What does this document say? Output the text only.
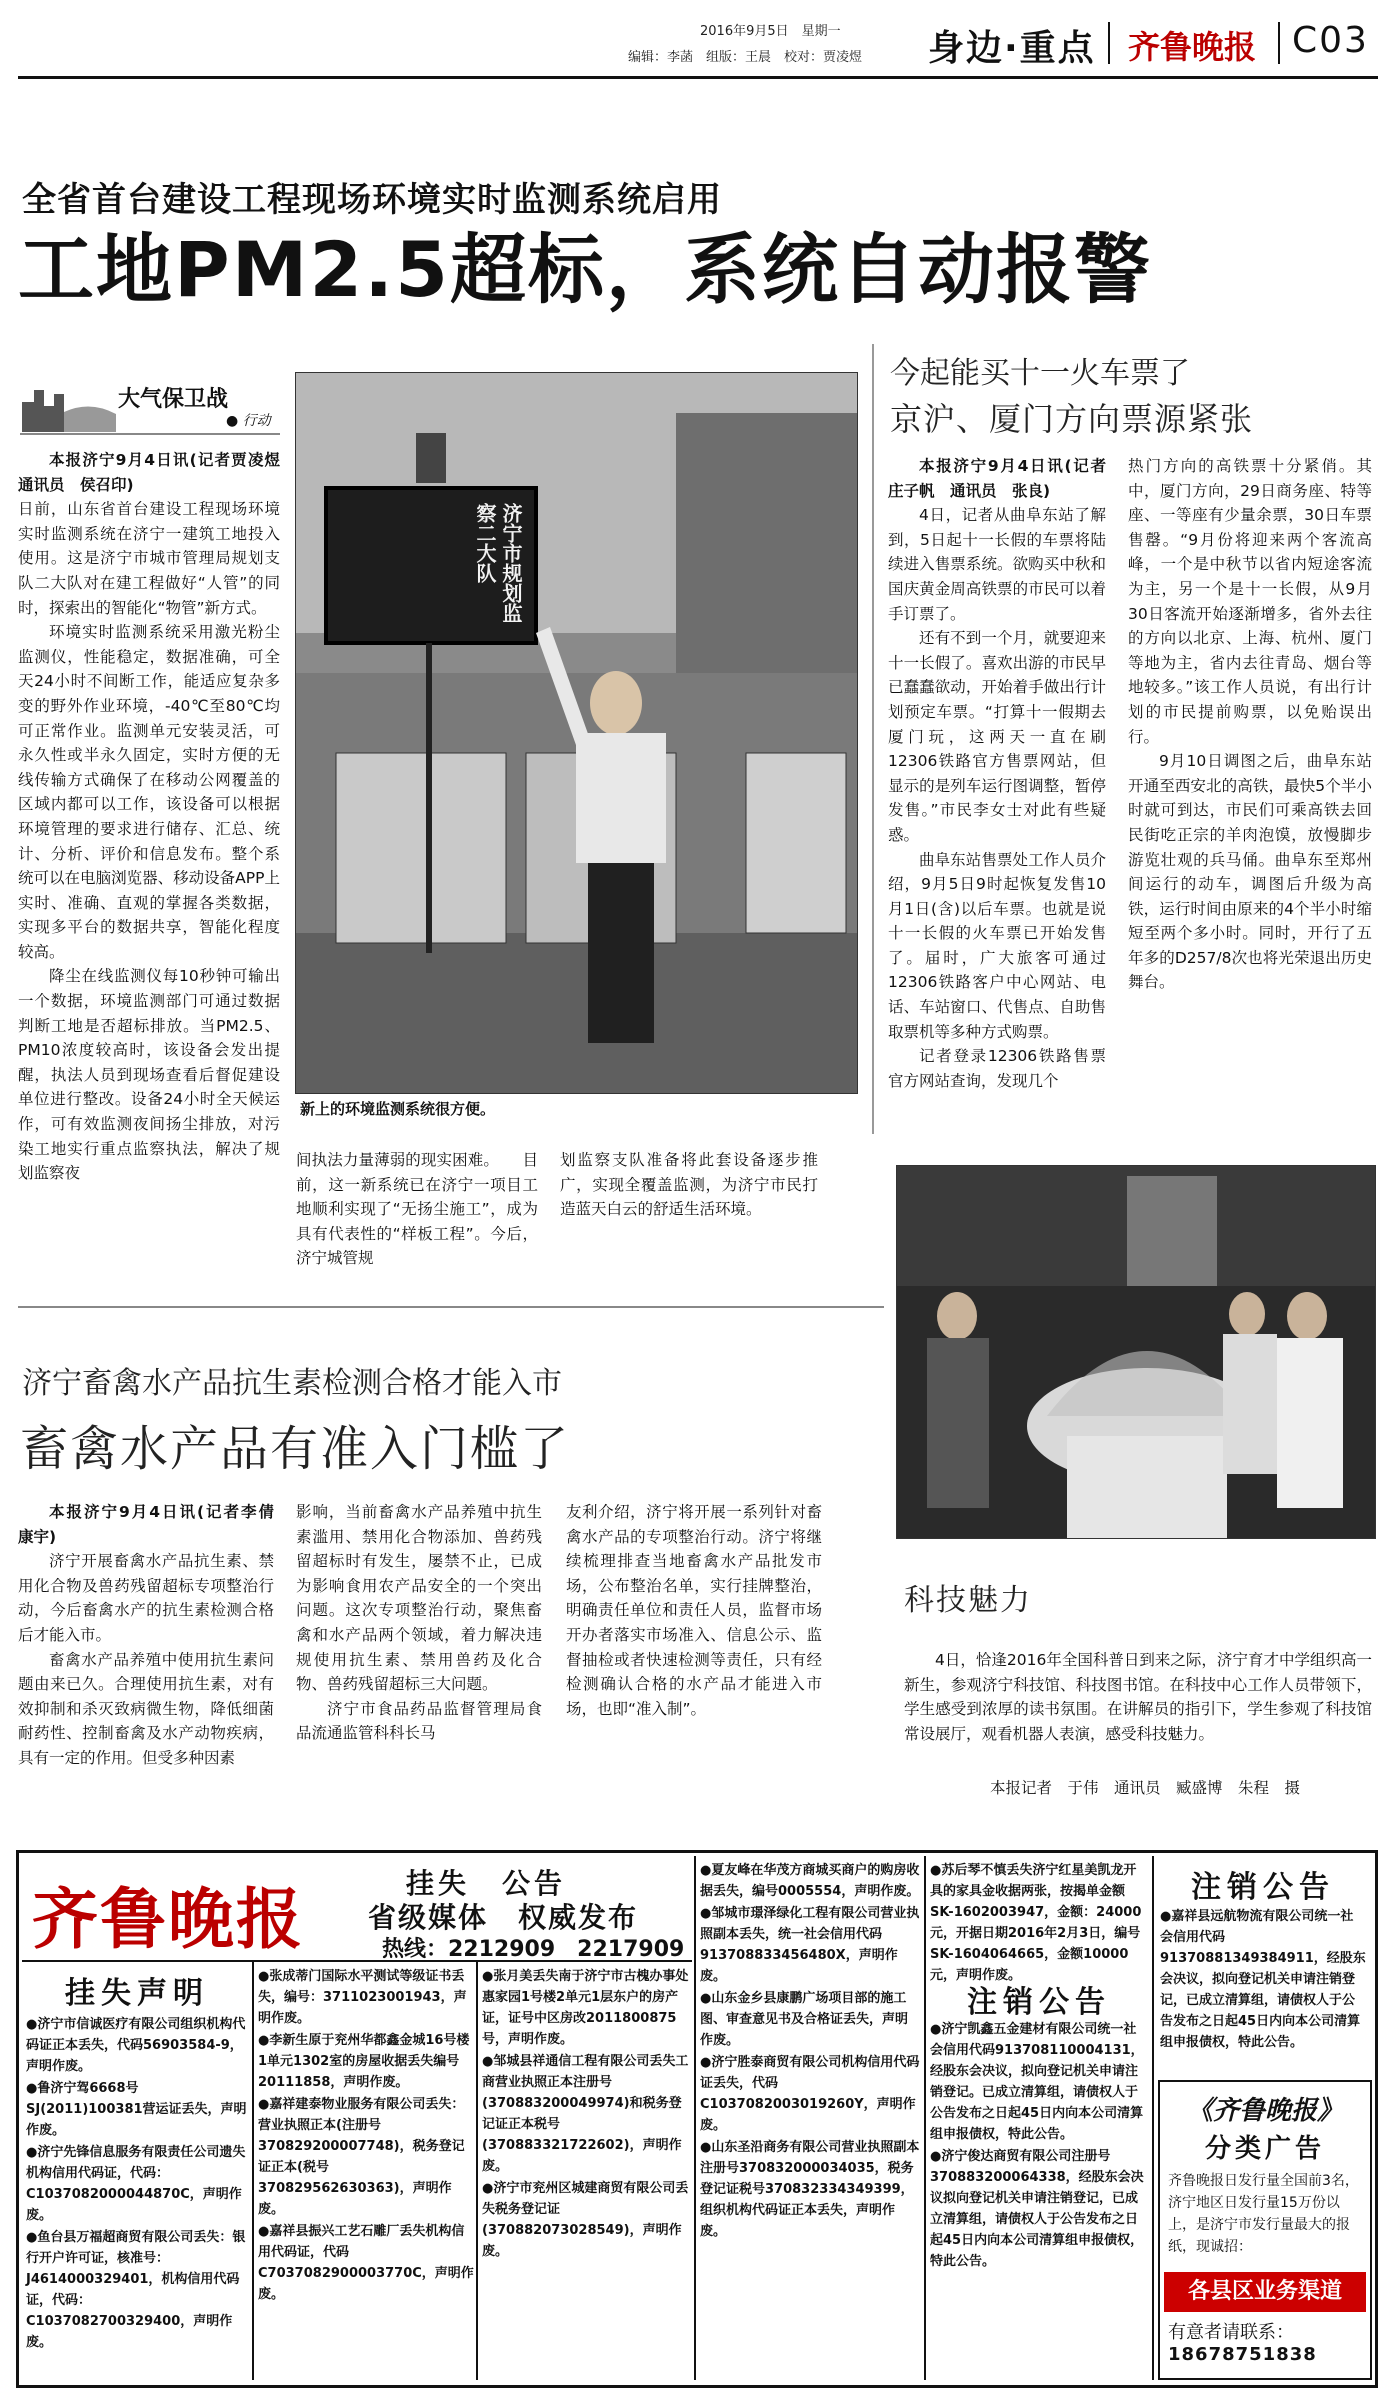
2016年9月5日　 星期一
编辑：李菡　组版：王晨　校对：贾凌煜 身边·重点 齐鲁晚报 C03
全省首台建设工程现场环境实时监测系统启用
工地PM2.5超标，系统自动报警
大气保卫战
● 行动

本报济宁9月4日讯(记者贾凌煜　通讯员　侯召印)

日前，山东省首台建设工程现场环境实时监测系统在济宁一建筑工地投入使用。这是济宁市城市管理局规划支队二大队对在建工程做好“人管”的同时，探索出的智能化“物管”新方式。

环境实时监测系统采用激光粉尘监测仪，性能稳定，数据准确，可全天24小时不间断工作，能适应复杂多变的野外作业环境，-40℃至80℃均可正常作业。监测单元安装灵活，可永久性或半永久固定，实时方便的无线传输方式确保了在移动公网覆盖的区域内都可以工作，该设备可以根据环境管理的要求进行储存、汇总、统计、分析、评价和信息发布。整个系统可以在电脑浏览器、移动设备APP上实时、准确、直观的掌握各类数据，实现多平台的数据共享，智能化程度较高。

降尘在线监测仪每10秒钟可输出一个数据，环境监测部门可通过数据判断工地是否超标排放。当PM2.5、PM10浓度较高时，该设备会发出提醒，执法人员到现场查看后督促建设单位进行整改。设备24小时全天候运作，可有效监测夜间扬尘排放，对污染工地实行重点监察执法，解决了规划监察夜

济宁市规划监察二大队
新上的环境监测系统很方便。

间执法力量薄弱的现实困难。　　目前，这一新系统已在济宁一项目工地顺利实现了“无扬尘施工”，成为具有代表性的“样板工程”。今后，济宁城管规

划监察支队准备将此套设备逐步推广，实现全覆盖监测，为济宁市民打造蓝天白云的舒适生活环境。

今起能买十一火车票了
京沪、厦门方向票源紧张

本报济宁9月4日讯(记者　庄子帆　通讯员　张良)

4日，记者从曲阜东站了解到，5日起十一长假的车票将陆续进入售票系统。欲购买中秋和国庆黄金周高铁票的市民可以着手订票了。

还有不到一个月，就要迎来十一长假了。喜欢出游的市民早已蠢蠢欲动，开始着手做出行计划预定车票。“打算十一假期去厦门玩，这两天一直在刷12306铁路官方售票网站，但显示的是列车运行图调整，暂停发售。”市民李女士对此有些疑惑。

曲阜东站售票处工作人员介绍，9月5日9时起恢复发售10月1日(含)以后车票。也就是说十一长假的火车票已开始发售了。届时，广大旅客可通过12306铁路客户中心网站、电话、车站窗口、代售点、自助售取票机等多种方式购票。

记者登录12306铁路售票官方网站查询，发现几个

热门方向的高铁票十分紧俏。其中，厦门方向，29日商务座、特等座、一等座有少量余票，30日车票售罄。“9月份将迎来两个客流高峰，一个是中秋节以省内短途客流为主，另一个是十一长假，从9月30日客流开始逐渐增多，省外去往的方向以北京、上海、杭州、厦门等地为主，省内去往青岛、烟台等地较多。”该工作人员说，有出行计划的市民提前购票，以免贻误出行。

9月10日调图之后，曲阜东站开通至西安北的高铁，最快5个半小时就可到达，市民们可乘高铁去回民街吃正宗的羊肉泡馍，放慢脚步游览壮观的兵马俑。曲阜东至郑州间运行的动车，调图后升级为高铁，运行时间由原来的4个半小时缩短至两个多小时。同时，开行了五年多的D257/8次也将光荣退出历史舞台。

科技魅力

4日，恰逢2016年全国科普日到来之际，济宁育才中学组织高一新生，参观济宁科技馆、科技图书馆。在科技中心工作人员带领下，学生感受到浓厚的读书氛围。在讲解员的指引下，学生参观了科技馆常设展厅，观看机器人表演，感受科技魅力。

本报记者　于伟　通讯员　臧盛博　朱程　摄
济宁畜禽水产品抗生素检测合格才能入市
畜禽水产品有准入门槛了

本报济宁9月4日讯(记者李倩　康宇)

济宁开展畜禽水产品抗生素、禁用化合物及兽药残留超标专项整治行动，今后畜禽水产的抗生素检测合格后才能入市。

畜禽水产品养殖中使用抗生素问题由来已久。合理使用抗生素，对有效抑制和杀灭致病微生物，降低细菌耐药性、控制畜禽及水产动物疾病，具有一定的作用。但受多种因素

影响，当前畜禽水产品养殖中抗生素滥用、禁用化合物添加、兽药残留超标时有发生，屡禁不止，已成为影响食用农产品安全的一个突出问题。这次专项整治行动，聚焦畜禽和水产品两个领域，着力解决违规使用抗生素、禁用兽药及化合物、兽药残留超标三大问题。

济宁市食品药品监督管理局食品流通监管科科长马

友利介绍，济宁将开展一系列针对畜禽水产品的专项整治行动。济宁将继续梳理排查当地畜禽水产品批发市场，公布整治名单，实行挂牌整治，明确责任单位和责任人员，监督市场开办者落实市场准入、信息公示、监督抽检或者快速检测等责任，只有经检测确认合格的水产品才能进入市场，也即“准入制”。

齐鲁晚报	挂失　公告
省级媒体　权威发布
热线：2212909　2217909
挂失声明

●济宁市信诚医疗有限公司组织机构代码证正本丢失，代码56903584-9，声明作废。

●鲁济宁驾6668号SJ(2011)100381营运证丢失，声明作废。

●济宁先锋信息服务有限责任公司遗失机构信用代码证，代码：C1037082000044870C，声明作废。

●鱼台县万福超商贸有限公司丢失：银行开户许可证，核准号：J4614000329401，机构信用代码证，代码：C1037082700329400，声明作废。

●张成蒂门国际水平测试等级证书丢失，编号：3711023001943，声明作废。

●李新生原于兖州华都鑫金城16号楼1单元1302室的房屋收据丢失编号20111858，声明作废。

●嘉祥建泰物业服务有限公司丢失：营业执照正本(注册号370829200007748)，税务登记证正本(税号370829562630363)，声明作废。

●嘉祥县振兴工艺石雕厂丢失机构信用代码证，代码C7037082900003770C，声明作废。

●张月美丢失南于济宁市古槐办事处惠家园1号楼2单元1层东户的房产证，证号中区房改2011800875号，声明作废。

●邹城县祥通信工程有限公司丢失工商营业执照正本注册号(370883200049974)和税务登记证正本税号(370883321722602)，声明作废。

●济宁市兖州区城建商贸有限公司丢失税务登记证(370882073028549)，声明作废。

●夏友峰在华茂方商城买商户的购房收据丢失，编号0005554，声明作废。

●邹城市璟泽绿化工程有限公司营业执照副本丢失，统一社会信用代码913708833456480X，声明作废。

●山东金乡县康鹏广场项目部的施工图、审查意见书及合格证丢失，声明作废。

●济宁胜泰商贸有限公司机构信用代码证丢失，代码C1037082003019260Y，声明作废。

●山东圣沿商务有限公司营业执照副本注册号370832000034035，税务登记证税号370832334349399，组织机构代码证正本丢失，声明作废。

●苏后琴不慎丢失济宁红星美凯龙开具的家具金收据两张，按揭单金额SK-1602003947，金额：24000元，开据日期2016年2月3日，编号SK-1604064665，金额10000元，声明作废。

注销公告

●济宁凯鑫五金建材有限公司统一社会信用代码913708110004131，经股东会决议，拟向登记机关申请注销登记。已成立清算组，请债权人于公告发布之日起45日内向本公司清算组申报债权，特此公告。

●济宁俊达商贸有限公司注册号370883200064338，经股东会决议拟向登记机关申请注销登记，已成立清算组，请债权人于公告发布之日起45日内向本公司清算组申报债权，特此公告。

注销公告

●嘉祥县远航物流有限公司统一社会信用代码91370881349384911，经股东会决议，拟向登记机关申请注销登记，已成立清算组，请债权人于公告发布之日起45日内向本公司清算组申报债权，特此公告。

《齐鲁晚报》
分类广告
齐鲁晚报日发行量全国前3名，济宁地区日发行量15万份以上，是济宁市发行量最大的报纸，现诚招：
各县区业务渠道
有意者请联系：
18678751838
